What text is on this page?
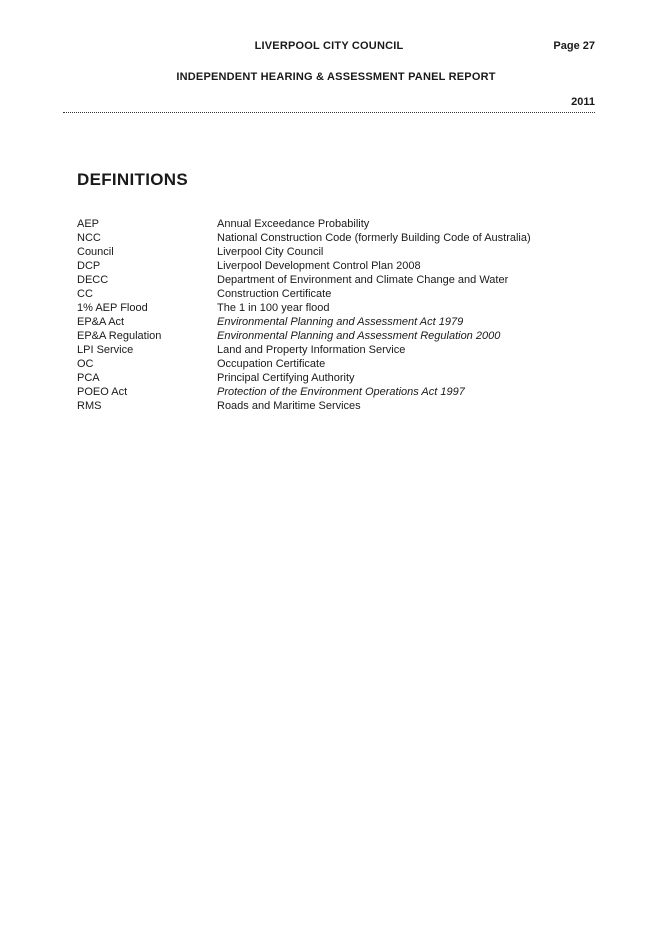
LIVERPOOL CITY COUNCIL	Page 27
INDEPENDENT HEARING & ASSESSMENT PANEL REPORT
2011
DEFINITIONS
AEP	Annual Exceedance Probability
NCC	National Construction Code (formerly Building Code of Australia)
Council	Liverpool City Council
DCP	Liverpool Development Control Plan 2008
DECC	Department of Environment and Climate Change and Water
CC	Construction Certificate
1% AEP Flood	The 1 in 100 year flood
EP&A Act	Environmental Planning and Assessment Act 1979
EP&A Regulation	Environmental Planning and Assessment Regulation 2000
LPI Service	Land and Property Information Service
OC	Occupation Certificate
PCA	Principal Certifying Authority
POEO Act	Protection of the Environment Operations Act 1997
RMS	Roads and Maritime Services
